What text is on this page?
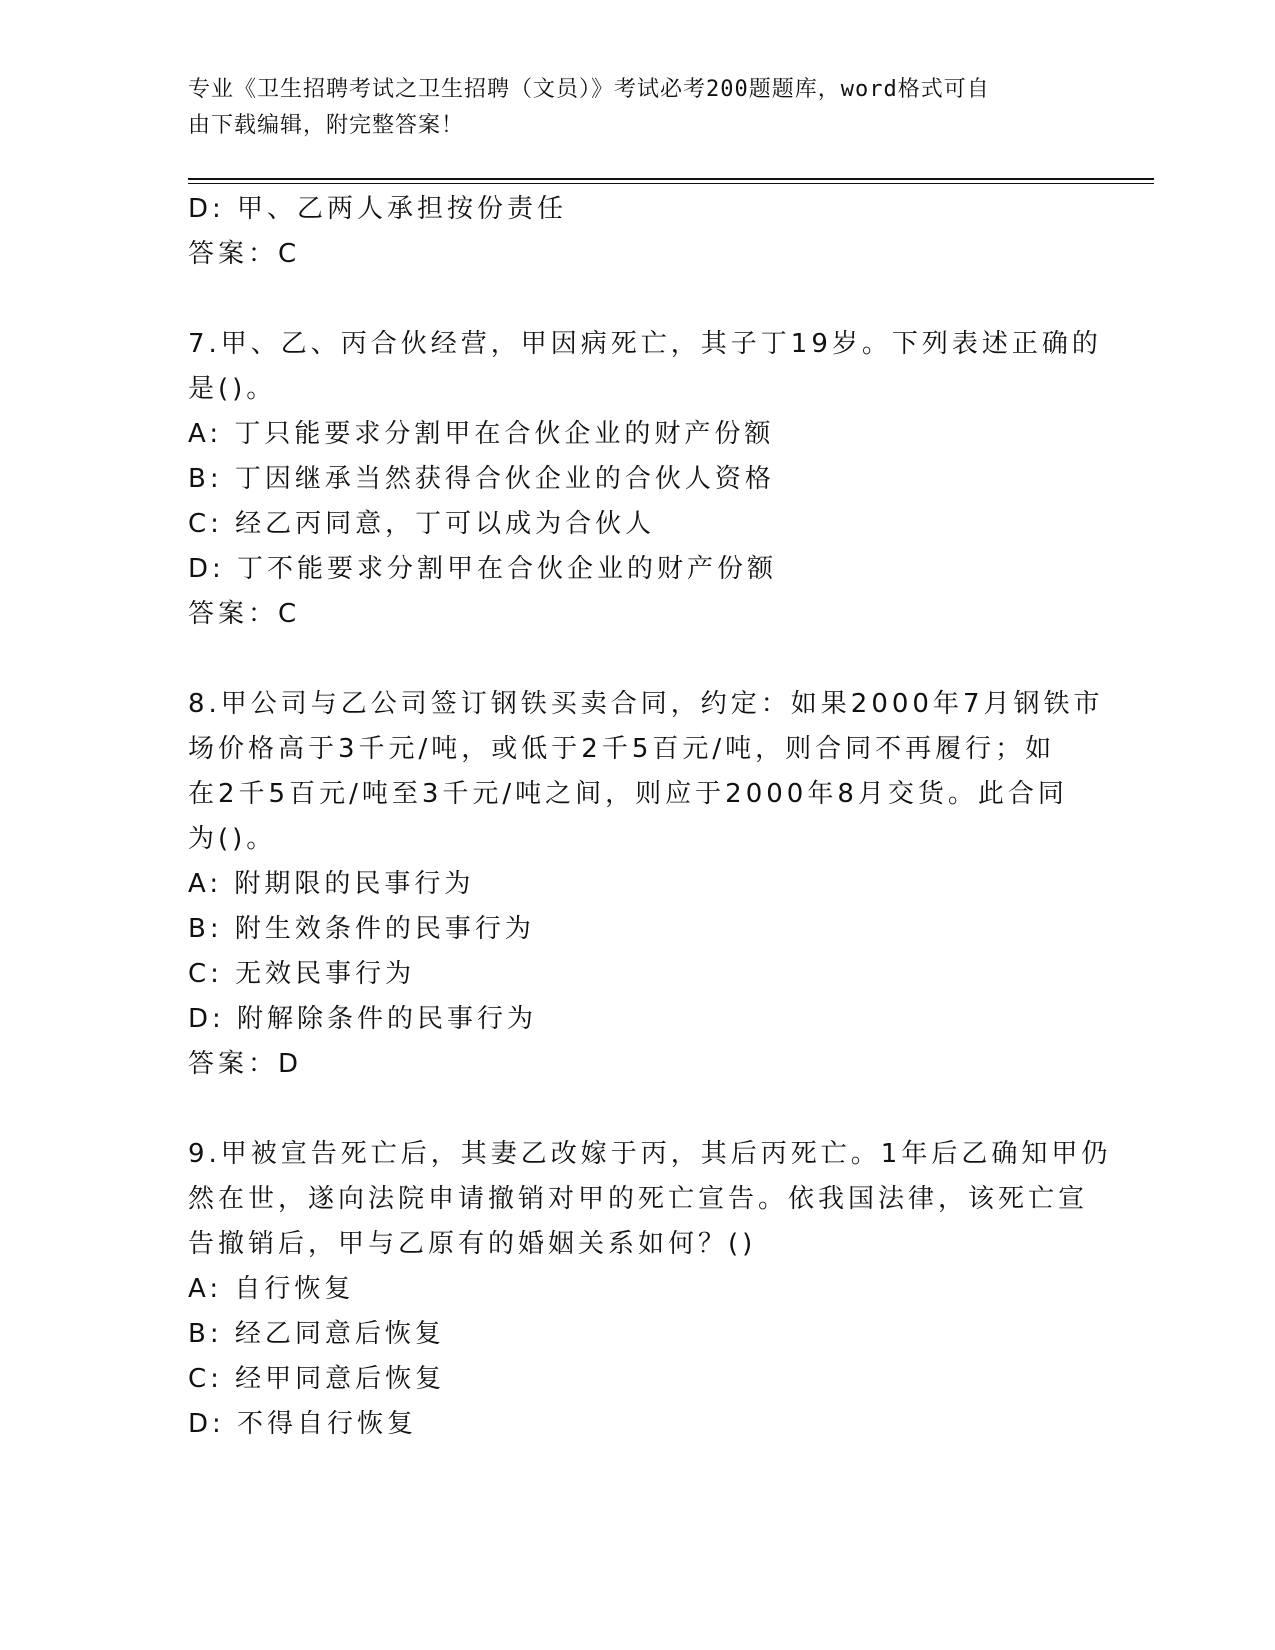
专业《卫生招聘考试之卫生招聘（文员）》考试必考200题题库，word格式可自
由下载编辑，附完整答案！
D: 甲、乙两人承担按份责任
答案：C
7.甲、乙、丙合伙经营，甲因病死亡，其子丁19岁。下列表述正确的
是()。
A: 丁只能要求分割甲在合伙企业的财产份额
B: 丁因继承当然获得合伙企业的合伙人资格
C: 经乙丙同意，丁可以成为合伙人
D: 丁不能要求分割甲在合伙企业的财产份额
答案：C
8.甲公司与乙公司签订钢铁买卖合同，约定：如果2000年7月钢铁市
场价格高于3千元/吨，或低于2千5百元/吨，则合同不再履行；如
在2千5百元/吨至3千元/吨之间，则应于2000年8月交货。此合同
为()。
A: 附期限的民事行为
B: 附生效条件的民事行为
C: 无效民事行为
D: 附解除条件的民事行为
答案：D
9.甲被宣告死亡后，其妻乙改嫁于丙，其后丙死亡。1年后乙确知甲仍
然在世，遂向法院申请撤销对甲的死亡宣告。依我国法律，该死亡宣
告撤销后，甲与乙原有的婚姻关系如何？()
A: 自行恢复
B: 经乙同意后恢复
C: 经甲同意后恢复
D: 不得自行恢复
